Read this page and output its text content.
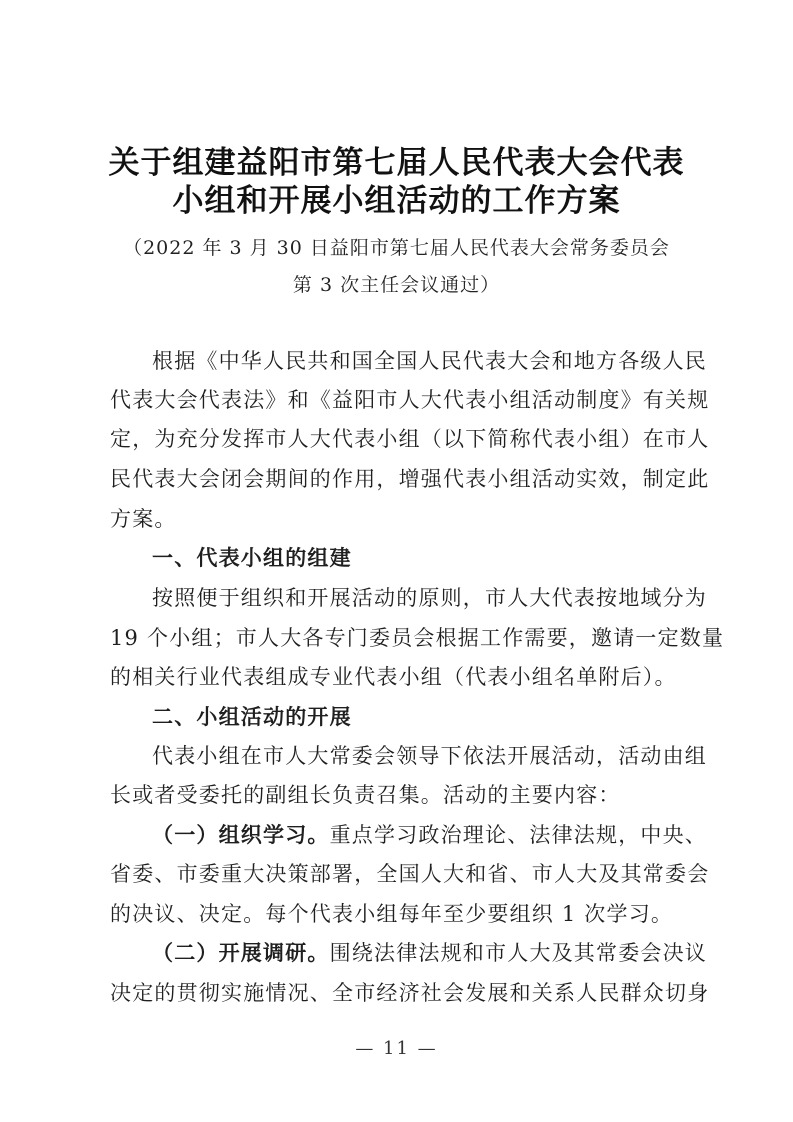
关于组建益阳市第七届人民代表大会代表
小组和开展小组活动的工作方案
（2022 年 3 月 30 日益阳市第七届人民代表大会常务委员会
第 3 次主任会议通过）
根据《中华人民共和国全国人民代表大会和地方各级人民
代表大会代表法》和《益阳市人大代表小组活动制度》有关规
定，为充分发挥市人大代表小组（以下简称代表小组）在市人
民代表大会闭会期间的作用，增强代表小组活动实效，制定此
方案。
一、代表小组的组建
按照便于组织和开展活动的原则，市人大代表按地域分为
19 个小组；市人大各专门委员会根据工作需要，邀请一定数量
的相关行业代表组成专业代表小组（代表小组名单附后）。
二、小组活动的开展
代表小组在市人大常委会领导下依法开展活动，活动由组
长或者受委托的副组长负责召集。活动的主要内容：
（一）组织学习。重点学习政治理论、法律法规，中央、
省委、市委重大决策部署，全国人大和省、市人大及其常委会
的决议、决定。每个代表小组每年至少要组织 1 次学习。
（二）开展调研。围绕法律法规和市人大及其常委会决议
决定的贯彻实施情况、全市经济社会发展和关系人民群众切身
— 11 —
